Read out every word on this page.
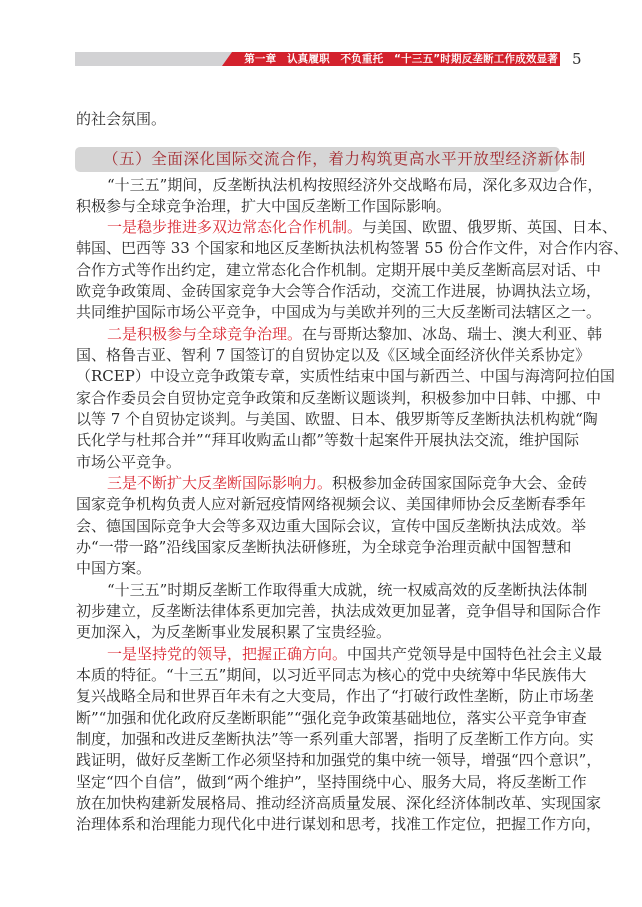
第一章　认真履职　不负重托　“十三五”时期反垄断工作成效显著 5
的社会氛围。
“十三五”期间，反垄断执法机构按照经济外交战略布局，深化多双边合作，
积极参与全球竞争治理，扩大中国反垄断工作国际影响。
一是稳步推进多双边常态化合作机制。与美国、欧盟、俄罗斯、英国、日本、
韩国、巴西等 33 个国家和地区反垄断执法机构签署 55 份合作文件，对合作内容、
合作方式等作出约定，建立常态化合作机制。定期开展中美反垄断高层对话、中
欧竞争政策周、金砖国家竞争大会等合作活动，交流工作进展，协调执法立场，
共同维护国际市场公平竞争，中国成为与美欧并列的三大反垄断司法辖区之一。
二是积极参与全球竞争治理。在与哥斯达黎加、冰岛、瑞士、澳大利亚、韩
国、格鲁吉亚、智利 7 国签订的自贸协定以及《区域全面经济伙伴关系协定》
（RCEP）中设立竞争政策专章，实质性结束中国与新西兰、中国与海湾阿拉伯国
家合作委员会自贸协定竞争政策和反垄断议题谈判，积极参加中日韩、中挪、中
以等 7 个自贸协定谈判。与美国、欧盟、日本、俄罗斯等反垄断执法机构就“陶
氏化学与杜邦合并”“拜耳收购孟山都”等数十起案件开展执法交流，维护国际
市场公平竞争。
三是不断扩大反垄断国际影响力。积极参加金砖国家国际竞争大会、金砖
国家竞争机构负责人应对新冠疫情网络视频会议、美国律师协会反垄断春季年
会、德国国际竞争大会等多双边重大国际会议，宣传中国反垄断执法成效。举
办“一带一路”沿线国家反垄断执法研修班，为全球竞争治理贡献中国智慧和
中国方案。
“十三五”时期反垄断工作取得重大成就，统一权威高效的反垄断执法体制
初步建立，反垄断法律体系更加完善，执法成效更加显著，竞争倡导和国际合作
更加深入，为反垄断事业发展积累了宝贵经验。
一是坚持党的领导，把握正确方向。中国共产党领导是中国特色社会主义最
本质的特征。“十三五”期间，以习近平同志为核心的党中央统筹中华民族伟大
复兴战略全局和世界百年未有之大变局，作出了“打破行政性垄断，防止市场垄
断”“加强和优化政府反垄断职能”“强化竞争政策基础地位，落实公平竞争审查
制度，加强和改进反垄断执法”等一系列重大部署，指明了反垄断工作方向。实
践证明，做好反垄断工作必须坚持和加强党的集中统一领导，增强“四个意识”，
坚定“四个自信”，做到“两个维护”，坚持围绕中心、服务大局，将反垄断工作
放在加快构建新发展格局、推动经济高质量发展、深化经济体制改革、实现国家
治理体系和治理能力现代化中进行谋划和思考，找准工作定位，把握工作方向，
（五）全面深化国际交流合作，着力构筑更高水平开放型经济新体制
